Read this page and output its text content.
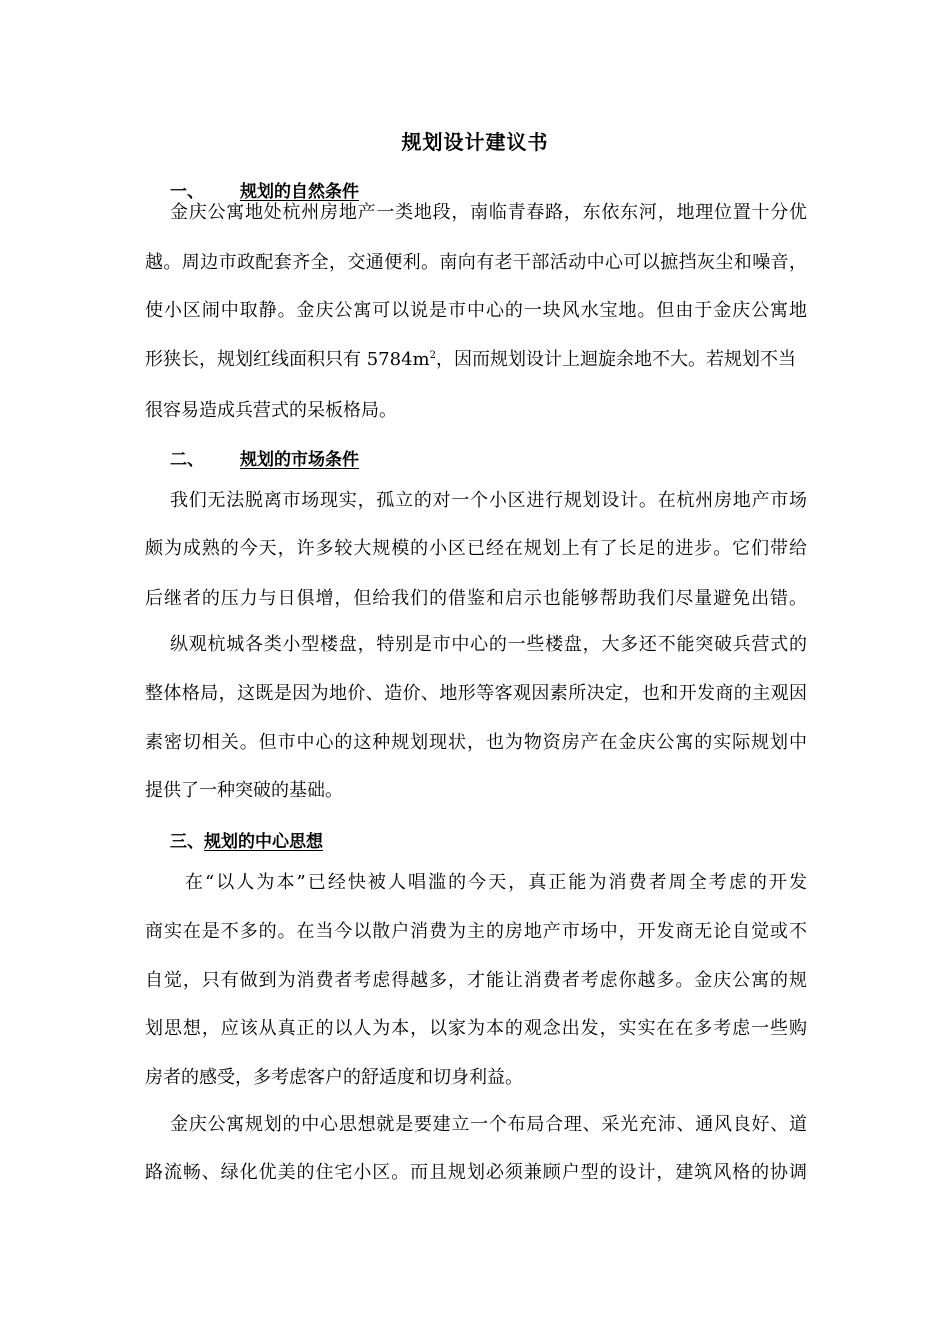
规划设计建议书
一、 规划的自然条件
金庆公寓地处杭州房地产一类地段，南临青春路，东依东河，地理位置十分优
越。周边市政配套齐全，交通便利。南向有老干部活动中心可以摭挡灰尘和噪音，
使小区闹中取静。金庆公寓可以说是市中心的一块风水宝地。但由于金庆公寓地
形狭长，规划红线面积只有 $5784m^2$，因而规划设计上迴旋余地不大。若规划不当
很容易造成兵营式的呆板格局。
二、 规划的市场条件
我们无法脱离市场现实，孤立的对一个小区进行规划设计。在杭州房地产市场
颇为成熟的今天，许多较大规模的小区已经在规划上有了长足的进步。它们带给
后继者的压力与日俱增，但给我们的借鉴和启示也能够帮助我们尽量避免出错。
纵观杭城各类小型楼盘，特别是市中心的一些楼盘，大多还不能突破兵营式的
整体格局，这既是因为地价、造价、地形等客观因素所决定，也和开发商的主观因
素密切相关。但市中心的这种规划现状，也为物资房产在金庆公寓的实际规划中
提供了一种突破的基础。
三、规划的中心思想
在“以人为本”已经快被人唱滥的今天，真正能为消费者周全考虑的开发
商实在是不多的。在当今以散户消费为主的房地产市场中，开发商无论自觉或不
自觉，只有做到为消费者考虑得越多，才能让消费者考虑你越多。金庆公寓的规
划思想，应该从真正的以人为本，以家为本的观念出发，实实在在多考虑一些购
房者的感受，多考虑客户的舒适度和切身利益。
金庆公寓规划的中心思想就是要建立一个布局合理、采光充沛、通风良好、道
路流畅、绿化优美的住宅小区。而且规划必须兼顾户型的设计，建筑风格的协调
